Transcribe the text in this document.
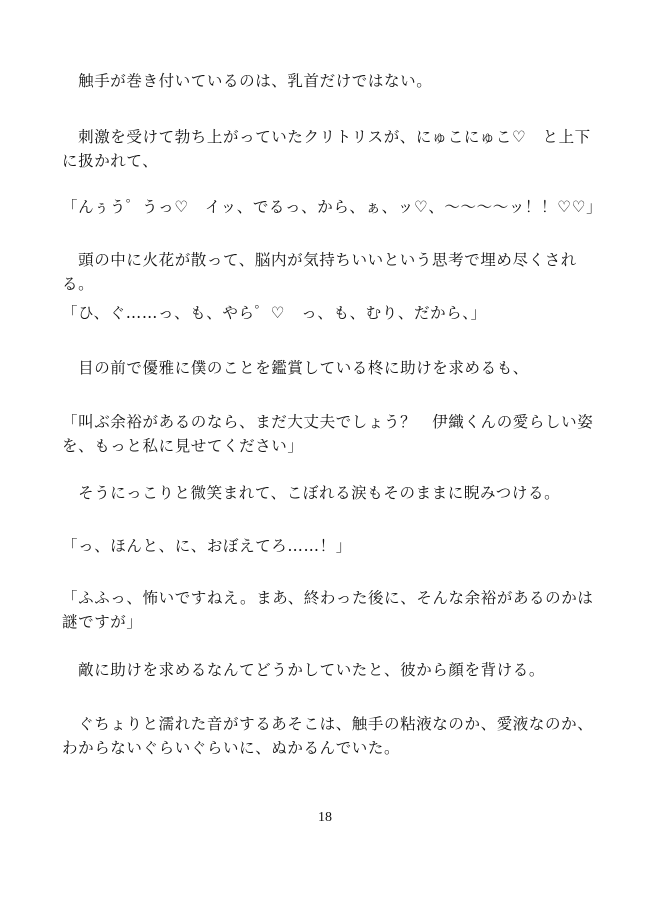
　触手が巻き付いているのは、乳首だけではない。

　刺激を受けて勃ち上がっていたクリトリスが、にゅこにゅこ♡　と上下に扱かれて、

「んぅう゜うっ♡　イッ、でるっ、から、ぁ、ッ♡、〜〜〜〜ッ！！♡♡」

　頭の中に火花が散って、脳内が気持ちいいという思考で埋め尽くされる。

「ひ、ぐ……っ、も、やら゜♡　っ、も、むり、だから、」

　目の前で優雅に僕のことを鑑賞している柊に助けを求めるも、

「叫ぶ余裕があるのなら、まだ大丈夫でしょう？　伊織くんの愛らしい姿を、もっと私に見せてください」

　そうにっこりと微笑まれて、こぼれる涙もそのままに睨みつける。

「っ、ほんと、に、おぼえてろ……！」

「ふふっ、怖いですねえ。まあ、終わった後に、そんな余裕があるのかは謎ですが」

　敵に助けを求めるなんてどうかしていたと、彼から顔を背ける。

　ぐちょりと濡れた音がするあそこは、触手の粘液なのか、愛液なのか、わからないぐらいぐらいに、ぬかるんでいた。

18
